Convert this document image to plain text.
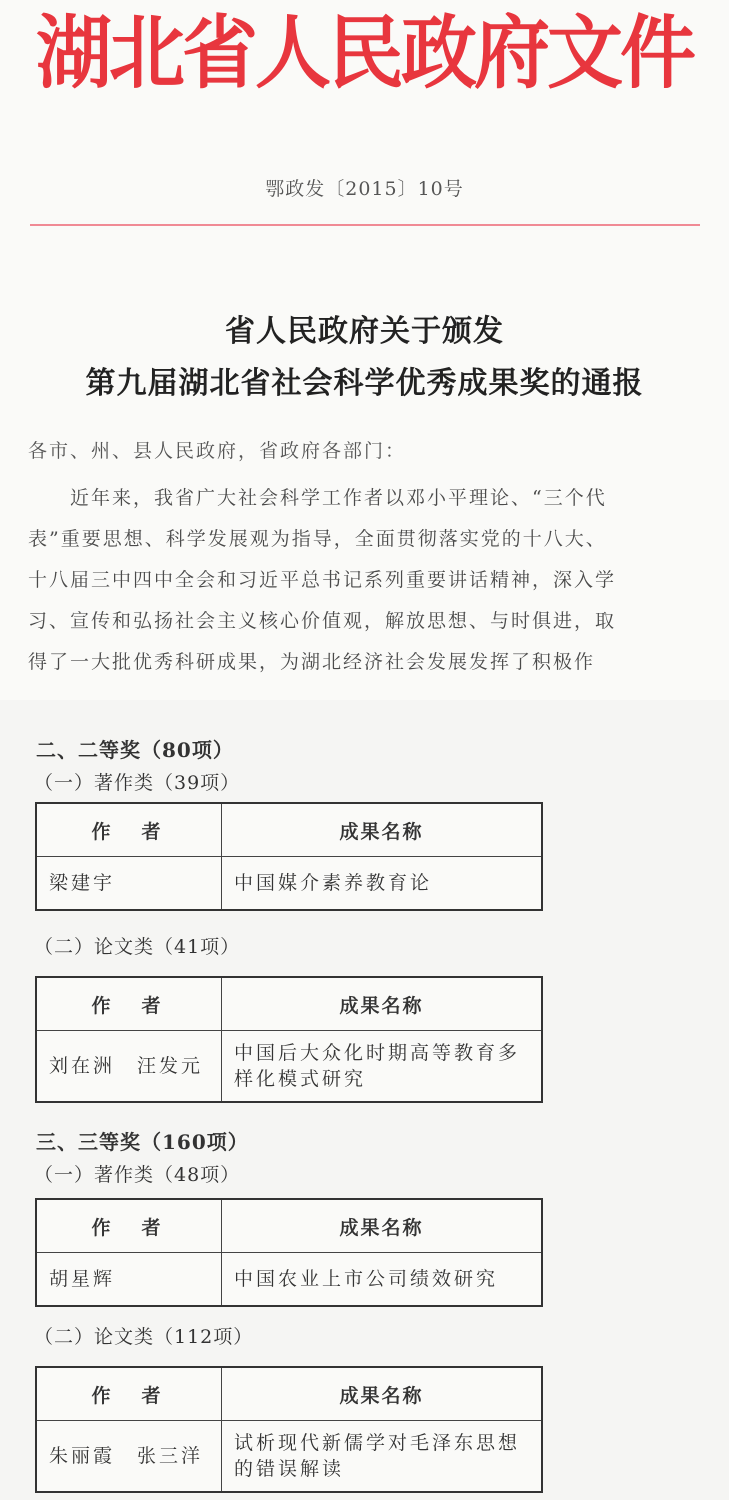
湖北省人民政府文件
鄂政发〔2015〕10号
省人民政府关于颁发
第九届湖北省社会科学优秀成果奖的通报
各市、州、县人民政府，省政府各部门：
近年来，我省广大社会科学工作者以邓小平理论、“三个代
表”重要思想、科学发展观为指导，全面贯彻落实党的十八大、
十八届三中四中全会和习近平总书记系列重要讲话精神，深入学
习、宣传和弘扬社会主义核心价值观，解放思想、与时俱进，取
得了一大批优秀科研成果，为湖北经济社会发展发挥了积极作
二、二等奖（80项）
（一）著作类（39项）
作　者	成果名称
梁建宇	中国媒介素养教育论
（二）论文类（41项）
作　者	成果名称
刘在洲　汪发元	中国后大众化时期高等教育多样化模式研究
三、三等奖（160项）
（一）著作类（48项）
作　者	成果名称
胡星辉	中国农业上市公司绩效研究
（二）论文类（112项）
作　者	成果名称
朱丽霞　张三洋	试析现代新儒学对毛泽东思想的错误解读
